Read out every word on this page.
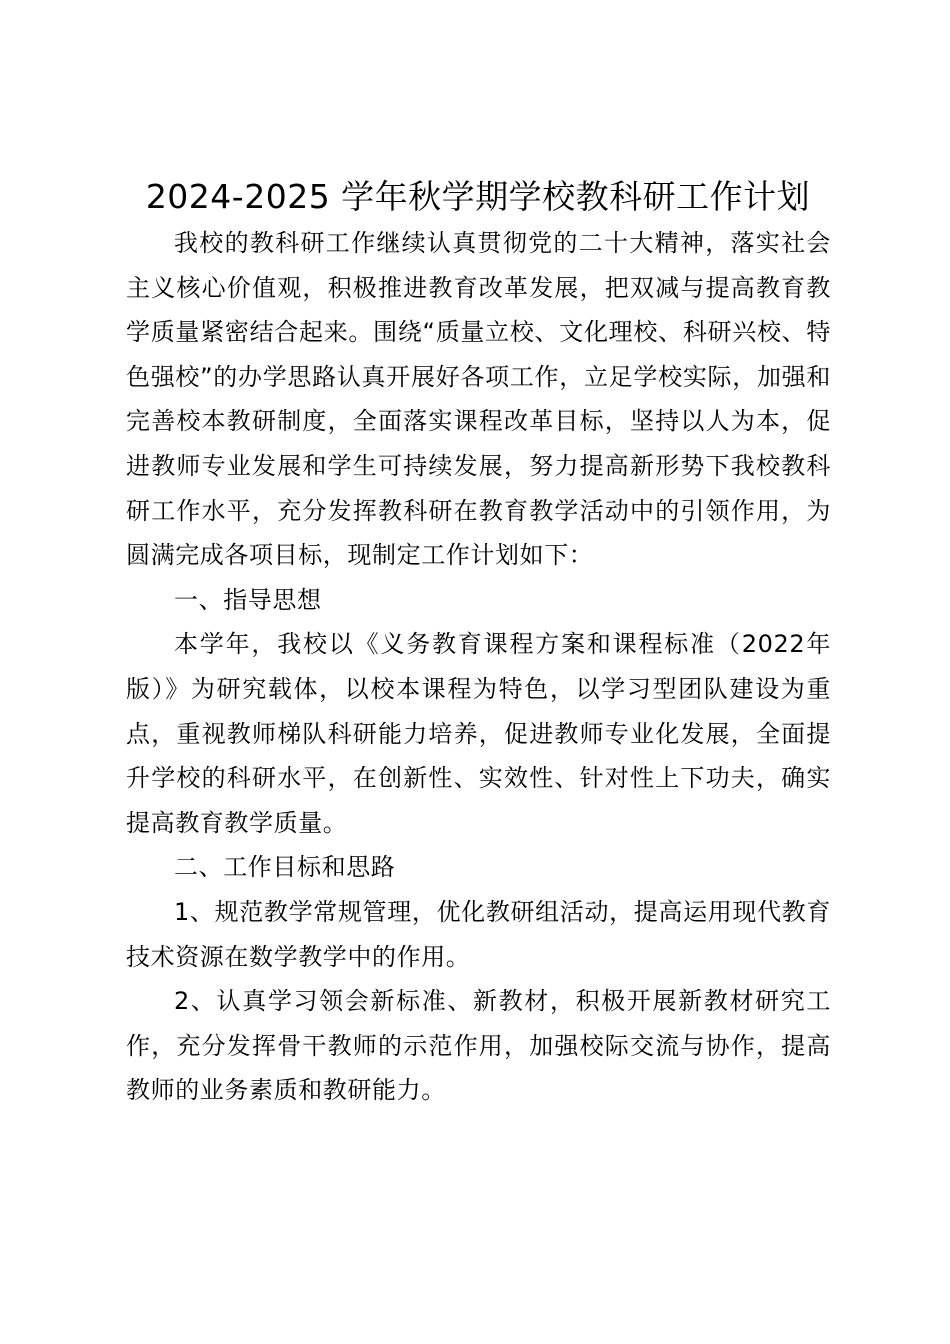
2024-2025 学年秋学期学校教科研工作计划

我校的教科研工作继续认真贯彻党的二十大精神，落实社会主义核心价值观，积极推进教育改革发展，把双减与提高教育教学质量紧密结合起来。围绕“质量立校、文化理校、科研兴校、特色强校”的办学思路认真开展好各项工作，立足学校实际，加强和完善校本教研制度，全面落实课程改革目标，坚持以人为本，促进教师专业发展和学生可持续发展，努力提高新形势下我校教科研工作水平，充分发挥教科研在教育教学活动中的引领作用，为圆满完成各项目标，现制定工作计划如下：

一、指导思想

本学年，我校以《义务教育课程方案和课程标准（2022年版）》为研究载体，以校本课程为特色，以学习型团队建设为重点，重视教师梯队科研能力培养，促进教师专业化发展，全面提升学校的科研水平，在创新性、实效性、针对性上下功夫，确实提高教育教学质量。

二、工作目标和思路

1、规范教学常规管理，优化教研组活动，提高运用现代教育技术资源在数学教学中的作用。

2、认真学习领会新标准、新教材，积极开展新教材研究工作，充分发挥骨干教师的示范作用，加强校际交流与协作，提高教师的业务素质和教研能力。
